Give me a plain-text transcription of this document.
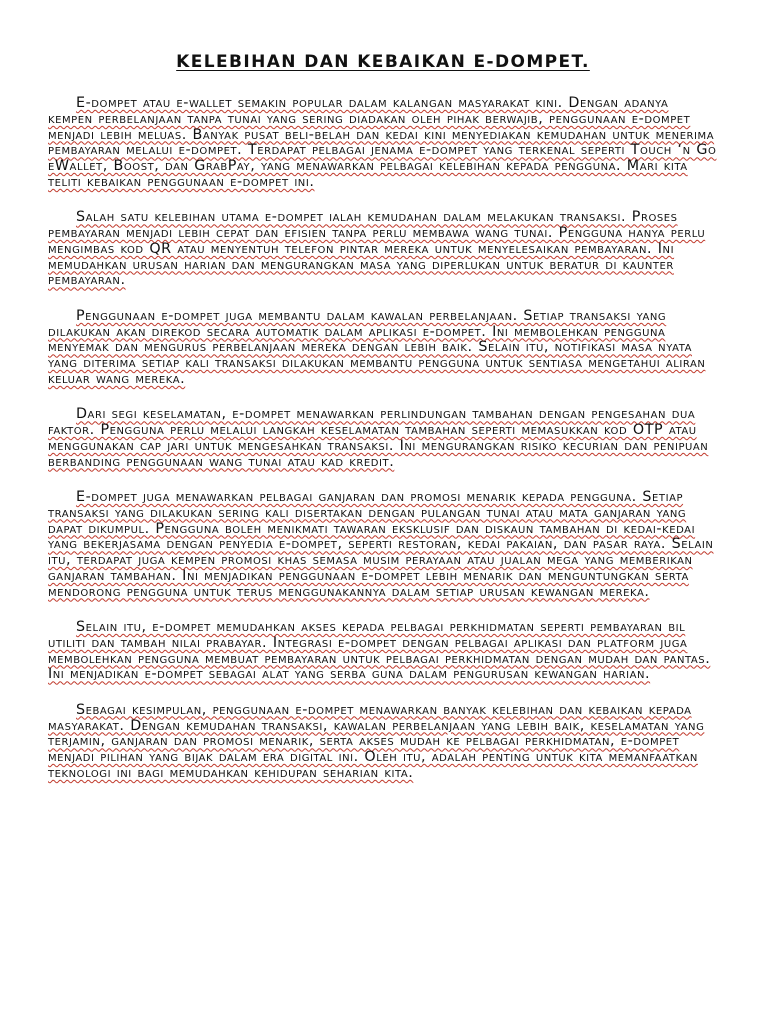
KELEBIHAN DAN KEBAIKAN E-DOMPET.

E-dompet atau e-wallet semakin popular dalam kalangan masyarakat kini. Dengan adanya kempen perbelanjaan tanpa tunai yang sering diadakan oleh pihak berwajib, penggunaan e-dompet menjadi lebih meluas. Banyak pusat beli-belah dan kedai kini menyediakan kemudahan untuk menerima pembayaran melalui e-dompet. Terdapat pelbagai jenama e-dompet yang terkenal seperti Touch ‘n Go eWallet, Boost, dan GrabPay, yang menawarkan pelbagai kelebihan kepada pengguna. Mari kita teliti kebaikan penggunaan e-dompet ini.

Salah satu kelebihan utama e-dompet ialah kemudahan dalam melakukan transaksi. Proses pembayaran menjadi lebih cepat dan efisien tanpa perlu membawa wang tunai. Pengguna hanya perlu mengimbas kod QR atau menyentuh telefon pintar mereka untuk menyelesaikan pembayaran. Ini memudahkan urusan harian dan mengurangkan masa yang diperlukan untuk beratur di kaunter pembayaran.

Penggunaan e-dompet juga membantu dalam kawalan perbelanjaan. Setiap transaksi yang dilakukan akan direkod secara automatik dalam aplikasi e-dompet. Ini membolehkan pengguna menyemak dan mengurus perbelanjaan mereka dengan lebih baik. Selain itu, notifikasi masa nyata yang diterima setiap kali transaksi dilakukan membantu pengguna untuk sentiasa mengetahui aliran keluar wang mereka.

Dari segi keselamatan, e-dompet menawarkan perlindungan tambahan dengan pengesahan dua faktor. Pengguna perlu melalui langkah keselamatan tambahan seperti memasukkan kod OTP atau menggunakan cap jari untuk mengesahkan transaksi. Ini mengurangkan risiko kecurian dan penipuan berbanding penggunaan wang tunai atau kad kredit.

E-dompet juga menawarkan pelbagai ganjaran dan promosi menarik kepada pengguna. Setiap transaksi yang dilakukan sering kali disertakan dengan pulangan tunai atau mata ganjaran yang dapat dikumpul. Pengguna boleh menikmati tawaran eksklusif dan diskaun tambahan di kedai-kedai yang bekerjasama dengan penyedia e-dompet, seperti restoran, kedai pakaian, dan pasar raya. Selain itu, terdapat juga kempen promosi khas semasa musim perayaan atau jualan mega yang memberikan ganjaran tambahan. Ini menjadikan penggunaan e-dompet lebih menarik dan menguntungkan serta mendorong pengguna untuk terus menggunakannya dalam setiap urusan kewangan mereka.

Selain itu, e-dompet memudahkan akses kepada pelbagai perkhidmatan seperti pembayaran bil utiliti dan tambah nilai prabayar. Integrasi e-dompet dengan pelbagai aplikasi dan platform juga membolehkan pengguna membuat pembayaran untuk pelbagai perkhidmatan dengan mudah dan pantas. Ini menjadikan e-dompet sebagai alat yang serba guna dalam pengurusan kewangan harian.

Sebagai kesimpulan, penggunaan e-dompet menawarkan banyak kelebihan dan kebaikan kepada masyarakat. Dengan kemudahan transaksi, kawalan perbelanjaan yang lebih baik, keselamatan yang terjamin, ganjaran dan promosi menarik, serta akses mudah ke pelbagai perkhidmatan, e-dompet menjadi pilihan yang bijak dalam era digital ini. Oleh itu, adalah penting untuk kita memanfaatkan teknologi ini bagi memudahkan kehidupan seharian kita.
